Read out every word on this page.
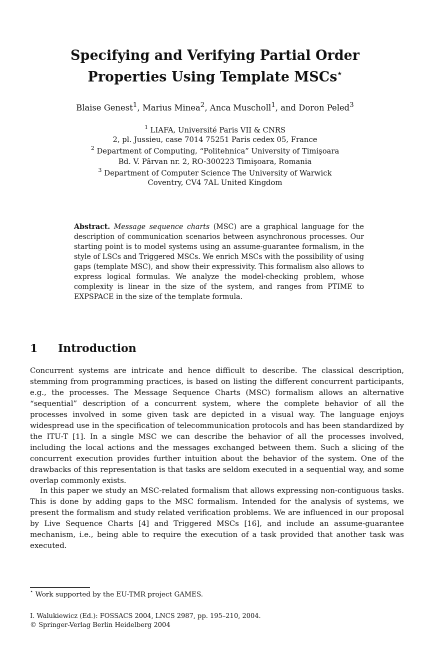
Specifying and Verifying Partial Order
Properties Using Template MSCs⋆
Blaise Genest$^1$, Marius Minea$^2$, Anca Muscholl$^1$, and Doron Peled$^3$
$^1$ LIAFA, Université Paris VII & CNRS
2, pl. Jussieu, case 7014 75251 Paris cedex 05, France
$^2$ Department of Computing, “Politehnica” University of Timişoara
Bd. V. Pârvan nr. 2, RO-300223 Timişoara, Romania
$^3$ Department of Computer Science The University of Warwick
Coventry, CV4 7AL United Kingdom
Abstract. Message sequence charts (MSC) are a graphical language for the description of communication scenarios between asynchronous processes. Our starting point is to model systems using an assume-guarantee formalism, in the style of LSCs and Triggered MSCs. We enrich MSCs with the possibility of using gaps (template MSC), and show their expressivity. This formalism also allows to express logical formulas. We analyze the model-checking problem, whose complexity is linear in the size of the system, and ranges from PTIME to EXPSPACE in the size of the template formula.
1 Introduction

Concurrent systems are intricate and hence difficult to describe. The classical description, stemming from programming practices, is based on listing the different concurrent participants, e.g., the processes. The Message Sequence Charts (MSC) formalism allows an alternative “sequential” description of a concurrent system, where the complete behavior of all the processes involved in some given task are depicted in a visual way. The language enjoys widespread use in the specification of telecommunication protocols and has been standardized by the ITU-T [1]. In a single MSC we can describe the behavior of all the processes involved, including the local actions and the messages exchanged between them. Such a slicing of the concurrent execution provides further intuition about the behavior of the system. One of the drawbacks of this representation is that tasks are seldom executed in a sequential way, and some overlap commonly exists.

In this paper we study an MSC-related formalism that allows expressing non-contiguous tasks. This is done by adding gaps to the MSC formalism. Intended for the analysis of systems, we present the formalism and study related verification problems. We are influenced in our proposal by Live Sequence Charts [4] and Triggered MSCs [16], and include an assume-guarantee mechanism, i.e., being able to require the execution of a task provided that another task was executed.

⋆ Work supported by the EU-TMR project GAMES.
I. Walukiewicz (Ed.): FOSSACS 2004, LNCS 2987, pp. 195–210, 2004.
© Springer-Verlag Berlin Heidelberg 2004
